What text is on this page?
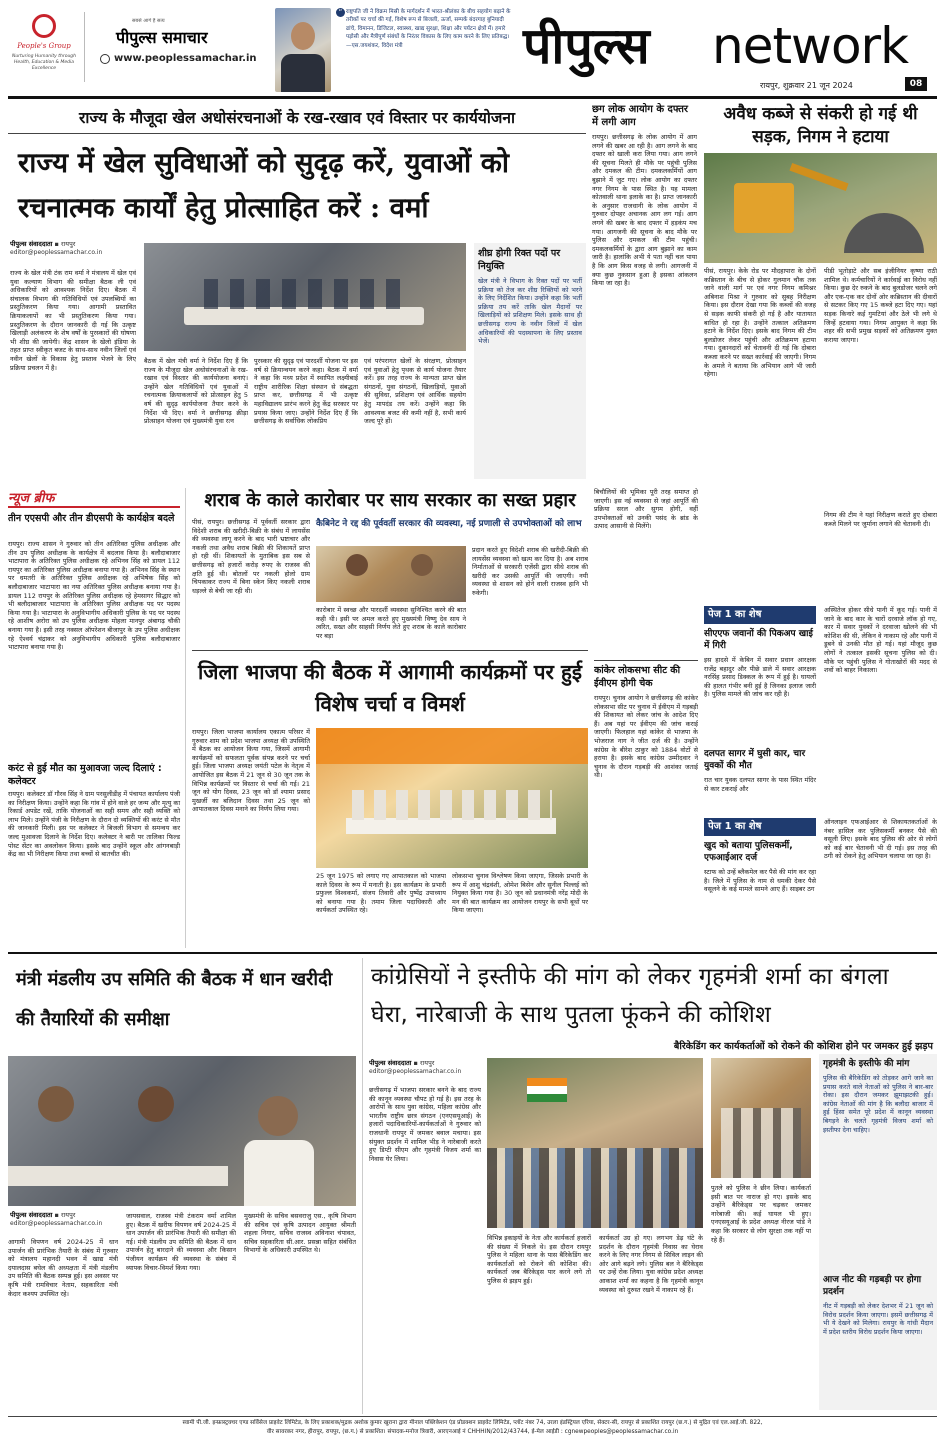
People's Group
Nurturing Humanity through Health, Education & Media Excellence
सबसे आगे है सत्य
पीपुल्स समाचार
www.peoplessamachar.in
“ राष्ट्रपति जी ने विक्रम मिस्री के मार्गदर्शन में भारत-श्रीलंका के बीच सहयोग बढ़ाने के तरीकों पर चर्चा की गई, विशेष रूप से बिजली, ऊर्जा, सम्पर्क बंदरगाह बुनियादी ढांचे, विमानन, डिजिटल, स्वास्थ्य, खाद्य सुरक्षा, शिक्षा और पर्यटन क्षेत्रों में। हमारे पड़ोसी और मैत्रीपूर्ण संबंधों के निरंतर विकास के लिए काम करने के लिए प्रतिबद्ध। —एस.जयशंकर, विदेश मंत्री	पीपुल्स network
रायपुर, शुक्रवार 21 जून 2024	08
राज्य के मौजूदा खेल अधोसंरचनाओं के रख-रखाव एवं विस्तार पर कार्ययोजना
राज्य में खेल सुविधाओं को सुदृढ़ करें, युवाओं को रचनात्मक कार्यों हेतु प्रोत्साहित करें : वर्मा
पीपुल्स संवाददाता ▪ रायपुर
editor@peoplessamachar.co.in
राज्य के खेल मंत्री टंक राम वर्मा ने मंत्रालय में खेल एवं युवा कल्याण विभाग की समीक्षा बैठक ली एवं अधिकारियों को आवश्यक निर्देश दिए। बैठक में संचालक विभाग की गतिविधियों एवं उपलब्धियों का प्रस्तुतिकरण किया गया। आगामी प्रस्तावित क्रियाकलापों का भी प्रस्तुतिकरण किया गया। प्रस्तुतिकरण के दौरान जानकारी दी गई कि उत्कृष्ट खिलाड़ी अलंकरण के शेष वर्षों के पुरस्कारों की घोषणा भी शीघ्र की जायेगी। केंद्र शासन के खेलो इंडिया के तहत प्राप्त स्वीकृत बजट के साथ-साथ नवीन जिलों एवं नवीन खेलों के विकास हेतु प्रस्ताव भेजने के लिए प्रक्रिया प्रचलन में है।
बैठक में खेल मंत्री वर्मा ने निर्देश दिए हैं कि राज्य के मौजूदा खेल अधोसंरचनाओं के रख-रखाव एवं विस्तार की कार्ययोजना बनाएं। उन्होंने खेल गतिविधियों एवं युवाओं में रचनात्मक क्रियाकलापों को प्रोत्साहन हेतु 5 वर्ष की सुदृढ़ कार्ययोजना तैयार करने के निर्देश भी दिए। वर्मा ने छत्तीसगढ़ क्रीड़ा प्रोत्साहन योजना एवं मुख्यमंत्री युवा रत्न
पुरस्कार की सुदृढ़ एवं पारदर्शी योजना पर इस वर्ष से क्रियान्वयन करने कहा। बैठक में वर्मा ने कहा कि मध्य प्रदेश में स्थापित लक्ष्मीबाई राष्ट्रीय शारीरिक शिक्षा संस्थान से संबद्धता प्राप्त कर, छत्तीसगढ़ में भी उत्कृष्ट महाविद्यालय प्रारंभ करने हेतु केंद्र सरकार पर प्रयास किया जाए। उन्होंने निर्देश दिए हैं कि छत्तीसगढ़ के सर्वाधिक लोकप्रिय
एवं परंपरागत खेलों के संरक्षण, प्रोत्साहन एवं युवाओं हेतु पृथक से कार्य योजना तैयार करें। इस तरह राज्य के मान्यता प्राप्त खेल संगठनों, युवा संगठनों, खिलाड़ियों, युवाओं की सुविधा, प्रशिक्षण एवं आर्थिक सहयोग हेतु मापदंड तय करें। उन्होंने कहा कि आवश्यक बजट की कमी नहीं है, सभी कार्य जल्द पूरे हों।
शीघ्र होगी रिक्त पदों पर नियुक्ति
खेल मंत्री ने विभाग के रिक्त पदों पर भर्ती प्रक्रिया को तेज कर शीघ्र रिक्तियों को भरने के लिए निर्देशित किया। उन्होंने कहा कि भर्ती प्रक्रिया तय करें ताकि खेल मैदानों पर खिलाड़ियों को प्रशिक्षण मिले। इसके साथ ही छत्तीसगढ़ राज्य के नवीन जिलों में खेल अधिकारियों की पदस्थापना के लिए प्रस्ताव भेजें।
छग लोक आयोग के दफ्तर में लगी आग
रायपुर। छत्तीसगढ़ के लोक आयोग में आग लगने की खबर आ रही है। आग लगने के बाद दफ्तर को खाली करा लिया गया। आग लगने की सूचना मिलते ही मौके पर पहुंची पुलिस और दमकल की टीम। दमकलकर्मियों आग बुझाने में जुट गए। लोक आयोग का दफ्तर नगर निगम के पास स्थित है। यह मामला कोतवाली थाना इलाके का है। प्राप्त जानकारी के अनुसार राजधानी के लोक आयोग में गुरुवार दोपहर अचानक आग लग गई। आग लगने की खबर के बाद दफ्तर में हड़कंप मच गया। आगजनी की सूचना के बाद मौके पर पुलिस और दमकल की टीम पहुंची। दमकलकर्मियों के द्वारा आग बुझाने का काम जारी है। हालांकि अभी ये पता नहीं चल पाया है कि आग किस वजह से लगी। आगजनी में क्या कुछ नुकसान हुआ है इसका आंकलन किया जा रहा है।
अवैध कब्जे से संकरी हो गई थी सड़क, निगम ने हटाया
पीसं, रायपुर। केके रोड पर मौदहापारा के दोनों कब्रिस्तान के बीच से होकर गुलमान चौक तक जाने वाली मार्ग पर एवं नगर निगम कमिश्नर अबिनाश मिश्रा ने गुरुवार को सुबह निरीक्षण किया। इस दौरान देखा गया कि कब्जों की वजह से सड़क काफी संकरी हो गई है और यातायात बाधित हो रहा है। उन्होंने तत्काल अतिक्रमण हटाने के निर्देश दिए। इसके बाद निगम की टीम बुलडोजर लेकर पहुंची और अतिक्रमण हटाया गया। दुकानदारों को चेतावनी दी गई कि दोबारा कब्जा करने पर सख्त कार्रवाई की जाएगी। निगम के अमले ने बताया कि अभियान आगे भी जारी रहेगा।
पीडी भूतोड़ाटे और सब इंजीनियर कृष्णा राठी शामिल थे। कर्मचारियों ने कार्रवाई का विरोध नहीं किया। कुछ देर रुकने के बाद बुलडोजर चलने लगे और एक-एक कर दोनों ओर कब्रिस्तान की दीवारों से सटकर किए गए 15 कब्जे हटा दिए गए। यहां सड़क किनारे कई गुमटियां और ठेले भी लगे थे जिन्हें हटवाया गया। निगम आयुक्त ने कहा कि शहर की सभी प्रमुख सड़कों को अतिक्रमण मुक्त कराया जाएगा।
निगम की टीम ने यहां निरीक्षण कराते हुए दोबारा कब्जे मिलने पर जुर्माना लगाने की चेतावनी दी।
न्यूज ब्रीफ
तीन एएसपी और तीन डीएसपी के कार्यक्षेत्र बदले
रायपुर। राज्य शासन ने गुरुवार को तीन अतिरिक्त पुलिस अधीक्षक और तीन उप पुलिस अधीक्षक के कार्यक्षेत्र में बदलाव किया है। बलौदाबाजार भाटापारा के अतिरिक्त पुलिस अधीक्षक रहे अभिनव सिंह को डायल 112 रायपुर का अतिरिक्त पुलिस अधीक्षक बनाया गया है। अभिनव सिंह के स्थान पर धमतरी के अतिरिक्त पुलिस अधीक्षक रहे अभिषेक सिंह को बलौदाबाजार भाटापारा का नया अतिरिक्त पुलिस अधीक्षक बनाया गया है। डायल 112 रायपुर के अतिरिक्त पुलिस अधीक्षक रहे हेमसागर सिद्धार को भी बलौदाबाजार भाटापारा के अतिरिक्त पुलिस अधीक्षक पद पर पदस्थ किया गया है। भाटापारा के अनुविभागीय अधिकारी पुलिस के पद पर पदस्थ रहे आशीष अरोरा को उप पुलिस अधीक्षक मोहला मानपुर अंबागढ़ चौकी बनाया गया है। इसी तरह नक्सल ऑपरेशन बीजापुर के उप पुलिस अधीक्षक रहे ऐश्वर्य चंद्राकर को अनुविभागीय अधिकारी पुलिस बलौदाबाजार भाटापारा बनाया गया है।
करंट से हुई मौत का मुआवजा जल्द दिलाएं : कलेक्टर
रायपुर। कलेक्टर डॉ गौरव सिंह ने ग्राम परसुलीडीह में पंचायत कार्यालय पंजी का निरीक्षण किया। उन्होंने कहा कि गांव में होने वाले हर जन्म और मृत्यु का रिकार्ड अपडेट रखें, ताकि योजनाओं का सही समय और सही व्यक्ति को लाभ मिले। उन्होंने पंजी के निरीक्षण के दौरान दो व्यक्तियों की करंट से मौत की जानकारी मिली। इस पर कलेक्टर ने बिजली विभाग से समन्वय कर जल्द मुआवजा दिलाने के निर्देश दिए। कलेक्टर ने बारी पर तालिका फिल्ड पोस्ट सेंटर का अवलोकन किया। इसके बाद उन्होंने स्कूल और आंगनबाड़ी केंद्र का भी निरीक्षण किया तथा बच्चों से बातचीत की।
शराब के काले कारोबार पर साय सरकार का सख्त प्रहार
पीसं, रायपुर। छत्तीसगढ़ में पूर्ववर्ती सरकार द्वारा विदेशी शराब की खरीदी-बिक्री के संबंध में लायसेंस की व्यवस्था लागू करने के बाद भारी भ्रष्टाचार और नकली तथा अवैध शराब बिक्री की शिकायतें प्राप्त हो रही थीं। शिकायतों के मुताबिक इस सब से छत्तीसगढ़ को हजारों करोड़ रुपए के राजस्व की क्षति हुई थी। बोतलों पर नकली होलो ग्राम चिपकाकर राज्य में बिना स्केन किए नकली शराब धड़ल्ले से बेची जा रही थी।
कैबिनेट ने रद्द की पूर्ववर्ती सरकार की व्यवस्था, नई प्रणाली से उपभोक्ताओं को लाभ
कारोबार में स्वच्छ और पारदर्शी व्यवस्था सुनिश्चित करने की बात कही थी। इसी पर अमल करते हुए मुख्यमंत्री विष्णु देव साय ने त्वरित, सख्त और साहसी निर्णय लेते हुए शराब के काले कारोबार पर बड़ा
प्रदान करते हुए विदेशी शराब की खरीदी-बिक्री की लायसेंस व्यवस्था को खत्म कर दिया है। अब शराब निर्माताओं से सरकारी एजेंसी द्वारा सीधे शराब की खरीदी कर उसकी आपूर्ति की जाएगी। नयी व्यवस्था से शासन को होने वाली राजस्व हानि भी रुकेगी।
बिचौलियों की भूमिका पूरी तरह समाप्त हो जाएगी। इस नई व्यवस्था से जहां आपूर्ति की प्रक्रिया सरल और सुगम होगी, वहीं उपभोक्ताओं को उनकी पसंद के ब्रांड के उत्पाद आसानी से मिलेंगे।
जिला भाजपा की बैठक में आगामी कार्यक्रमों पर हुई विशेष चर्चा व विमर्श
रायपुर। जिला भाजपा कार्यालय एकात्म परिसर में गुरुवार शाम को प्रदेश भाजपा अध्यक्ष की उपस्थिति में बैठक का आयोजन किया गया, जिसमें आगामी कार्यक्रमों को सफलता पूर्वक संपन्न करने पर चर्चा हुई। जिला भाजपा अध्यक्ष जयंती पटेल के नेतृत्व में आयोजित इस बैठक में 21 जून से 30 जून तक के विभिन्न कार्यक्रमों पर विस्तार से चर्चा की गई। 21 जून को योग दिवस, 23 जून को डॉ श्यामा प्रसाद मुखर्जी का बलिदान दिवस तथा 25 जून को आपातकाल दिवस मनाने का निर्णय लिया गया।
25 जून 1975 को लगाए गए आपातकाल को भाजपा काले दिवस के रूप में मनाती है। इस कार्यक्रम के प्रभारी प्रफुल्ल विश्वकर्मा, संजय तिवारी और पुष्पेंद्र उपाध्याय को बनाया गया है। तमाम जिला पदाधिकारी और कार्यकर्ता उपस्थित रहे।
लोकसभा चुनाव विश्लेषण किया जाएगा, जिसके प्रभारी के रूप में आशु चंद्रवंशी, ओमेश बिसेन और सुनील पिल्लई को नियुक्त किया गया है। 30 जून को प्रधानमंत्री नरेंद्र मोदी के मन की बात कार्यक्रम का आयोजन रायपुर के सभी बूथों पर किया जाएगा।
कांकेर लोकसभा सीट की ईवीएम होगी चेक
रायपुर। चुनाव आयोग ने छत्तीसगढ़ की कांकेर लोकसभा सीट पर चुनाव में ईवीएम में गड़बड़ी की शिकायत को लेकर जांच के आदेश दिए हैं। अब यहां पर ईवीएम की जांच कराई जाएगी। फिलहाल यहां कांकेर से भाजपा के भोजराज नाग ने जीत दर्ज की है। उन्होंने कांग्रेस के बीरेश ठाकुर को 1884 वोटों से हराया है। इसके बाद कांग्रेस उम्मीदवार ने चुनाव के दौरान गड़बड़ी की आशंका जताई थी।
पेज 1 का शेष
सीएएफ जवानों की पिकअप खाई में गिरी
इस हादसे में केबिन में सवार प्रधान आरक्षक राजेंद्र बहादुर और पीछे डाले में सवार आरक्षक नरसिंह प्रसाद डिक्कल के रूप में हुई है। घायलों की हालत गंभीर बनी हुई है जिनका इलाज जारी है। पुलिस मामले की जांच कर रही है।
दलपत सागर में घुसी कार, चार युवकों की मौत
रात चार युवक दलपत सागर के पास स्थित मंदिर से कार टकराई और
अस्थितेज होकर सीधे पानी में कूद गई। पानी में जाने के बाद कार के चारों दरवाजे लॉक हो गए, कार में सवार युवकों ने दरवाजा खोलने की भी कोशिश की थी, लेकिन वे नाकाम रहे और पानी में डूबने से उनकी मौत हो गई। यहां मौजूद कुछ लोगों ने तत्काल इसकी सूचना पुलिस को दी। मौके पर पहुंची पुलिस ने गोताखोरों की मदद से शवों को बाहर निकाला।
पेज 1 का शेष
खुद को बताया पुलिसकर्मी, एफआईआर दर्ज
स्टाफ को उन्हें ब्लैकमेल कर पैसे की मांग कर रहा है। जिले में पुलिस के नाम से धमकी देकर पैसे वसूलने के कई मामले सामने आए हैं। साइबर ठग
ऑनलाइन एफआईआर से शिकायतकर्ताओं के नंबर हासिल कर पुलिसकर्मी बनकर पैसे की वसूली लिए। इसके बाद पुलिस की ओर से लोगों को कई बार चेतावनी भी दी गई। इस तरह की ठगी को रोकने हेतु अभियान चलाया जा रहा है।
मंत्री मंडलीय उप समिति की बैठक में धान खरीदी की तैयारियों की समीक्षा
पीपुल्स संवाददाता ▪ रायपुर
editor@peoplessamachar.co.in
आगामी विपणन वर्ष 2024-25 में धान उपार्जन की प्रारंभिक तैयारी के संबंध में गुरुवार को मंत्रालय महानदी भवन में खाद्य मंत्री दयालदास बघेल की अध्यक्षता में मंत्री मंडलीय उप समिति की बैठक सम्पन्न हुई। इस अवसर पर कृषि मंत्री रामविचार नेताम, सहकारिता मंत्री केदार कश्यप उपस्थित रहे।
जायसवाल, राजस्व मंत्री टंकराम वर्मा शामिल हुए। बैठक में खरीफ विपणन वर्ष 2024-25 में धान उपार्जन की प्रारंभिक तैयारी की समीक्षा की गई। मंत्री मंडलीय उप समिति की बैठक में धान उपार्जन हेतु बारदाने की व्यवस्था और किसान पंजीयन कार्यक्रम की व्यवस्था के संबंध में व्यापक विचार-विमर्श किया गया।
मुख्यमंत्री के सचिव बसवराजु एस., कृषि विभाग की सचिव एवं कृषि उत्पादन आयुक्त श्रीमती शहला निगार, सचिव राजस्व अविनाश चंपावत, सचिव सहकारिता सी.आर. प्रसन्ना सहित संबंधित विभागों के अधिकारी उपस्थित थे।
कांग्रेसियों ने इस्तीफे की मांग को लेकर गृहमंत्री शर्मा का बंगला घेरा, नारेबाजी के साथ पुतला फूंकने की कोशिश
बैरिकेडिंग कर कार्यकर्ताओं को रोकने की कोशिश होने पर जमकर हुई झड़प
पीपुल्स संवाददाता ▪ रायपुर
editor@peoplessamachar.co.in
छत्तीसगढ़ में भाजपा सरकार बनने के बाद राज्य की कानून व्यवस्था चौपट हो गई है। इस तरह के आरोपों के साथ युवा कांग्रेस, महिला कांग्रेस और भारतीय राष्ट्रीय छात्र संगठन (एनएसयूआई) के हजारों पदाधिकारियों-कार्यकर्ताओं ने गुरुवार को राजधानी रायपुर में जमकर बवाल मचाया। इस संयुक्त प्रदर्शन में शामिल भीड़ ने नारेबाजी करते हुए डिप्टी सीएम और गृहमंत्री विजय शर्मा का निवास घेर लिया।
विभिन्न इकाइयों के नेता और कार्यकर्ता हजारों की संख्या में निकले थे। इस दौरान रायपुर पुलिस ने महिला थाना के पास बैरिकेडिंग कर कार्यकर्ताओं को रोकने की कोशिश की। कार्यकर्ता जब बैरिकेड्स पार करने लगे तो पुलिस से झड़प हुई।
कार्यकर्ता उग्र हो गए। लगभग डेढ़ घंटे के प्रदर्शन के दौरान गृहमंत्री निवास का घेराव करने के लिए नगर निगम से सिविल लाइन की ओर आगे बढ़ने लगे। पुलिस बल ने बैरिकेड्स पर उन्हें रोक लिया। युवा कांग्रेस प्रदेश अध्यक्ष आकाश शर्मा का कहना है कि गृहमंत्री कानून व्यवस्था को दुरुस्त रखने में नाकाम रहे हैं।
पुतले को पुलिस ने छीन लिया। कार्यकर्ता इसी बात पर नाराज हो गए। इसके बाद उन्होंने बैरिकेड्स पर चढ़कर जमकर नारेबाजी की। कई घायल भी हुए। एनएसयूआई के प्रदेश अध्यक्ष नीरज पांडे ने कहा कि सरकार से लोग सुरक्षा तक नहीं पा रहे हैं।
गृहमंत्री के इस्तीफे की मांग
पुलिस की बैरिकेडिंग को तोड़कर आगे जाने का प्रयास करते वाले नेताओं को पुलिस ने बार-बार रोका। इस दौरान जमकर झूमाझटकी हुई। कांग्रेस नेताओं की मांग है कि बलौदा बाजार में हुई हिंसा समेत पूरे प्रदेश में कानून व्यवस्था बिगड़ने के चलते गृहमंत्री विजय शर्मा को इस्तीफा देना चाहिए।
आज नीट की गड़बड़ी पर होगा प्रदर्शन
नीट में गड़बड़ी को लेकर देशभर में 21 जून को विरोध प्रदर्शन किया जाएगा। इसमें छत्तीसगढ़ में भी ये देखने को मिलेगा। रायपुर के गांधी मैदान में प्रदेश स्तरीय विरोध प्रदर्शन किया जाएगा।
स्वामी पी.जी. इन्फ्रास्ट्रक्चर एण्ड सर्विसेज प्राइवेट लिमिटेड, के लिए प्रकाशक/मुद्रक अशोक कुमार खुराना द्वारा मीनाल पब्लिकेशन एंड प्रोडक्शन प्राइवेट लिमिटेड, प्लॉट नंबर 74, उरला इंडस्ट्रियल एरिया, सेक्टर-सी, रायपुर से प्रकाशित रायपुर (छ.ग.) से मुद्रित एवं एल.आई.जी. 822,
वीर सावरकर नगर, हीरापुर, रायपुर, (छ.ग.) से प्रकाशित। संपादक-मनोज त्रिवारी, आरएनआई नं CHHHIN/2012/43744, ई-मेल आईडी : cgnewpeoples@peoplessamachar.co.in
